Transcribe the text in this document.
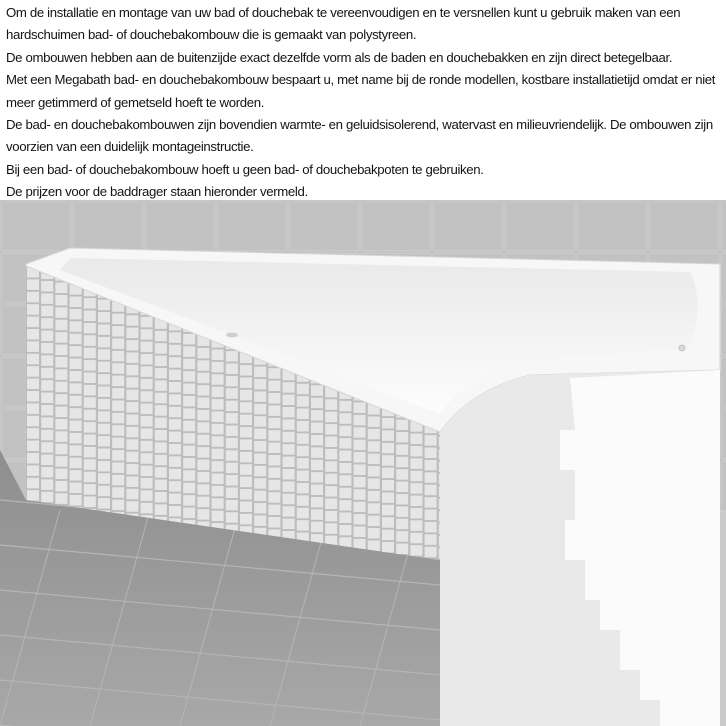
Om de installatie en montage van uw bad of douchebak te vereenvoudigen en te versnellen kunt u gebruik maken van een hardschuimen bad- of douchebakombouw die is gemaakt van polystyreen.

De ombouwen hebben aan de buitenzijde exact dezelfde vorm als de baden en douchebakken en zijn direct betegelbaar.

Met een Megabath bad- en douchebakombouw bespaart u, met name bij de ronde modellen, kostbare installatietijd omdat er niet meer getimmerd of gemetseld hoeft te worden.

De bad- en douchebakombouwen zijn bovendien warmte- en geluidsisolerend, watervast en milieuvriendelijk. De ombouwen zijn voorzien van een duidelijk montageinstructie.

Bij een bad- of douchebakombouw hoeft u geen bad- of douchebakpoten te gebruiken.

De prijzen voor de baddrager staan hieronder vermeld.
